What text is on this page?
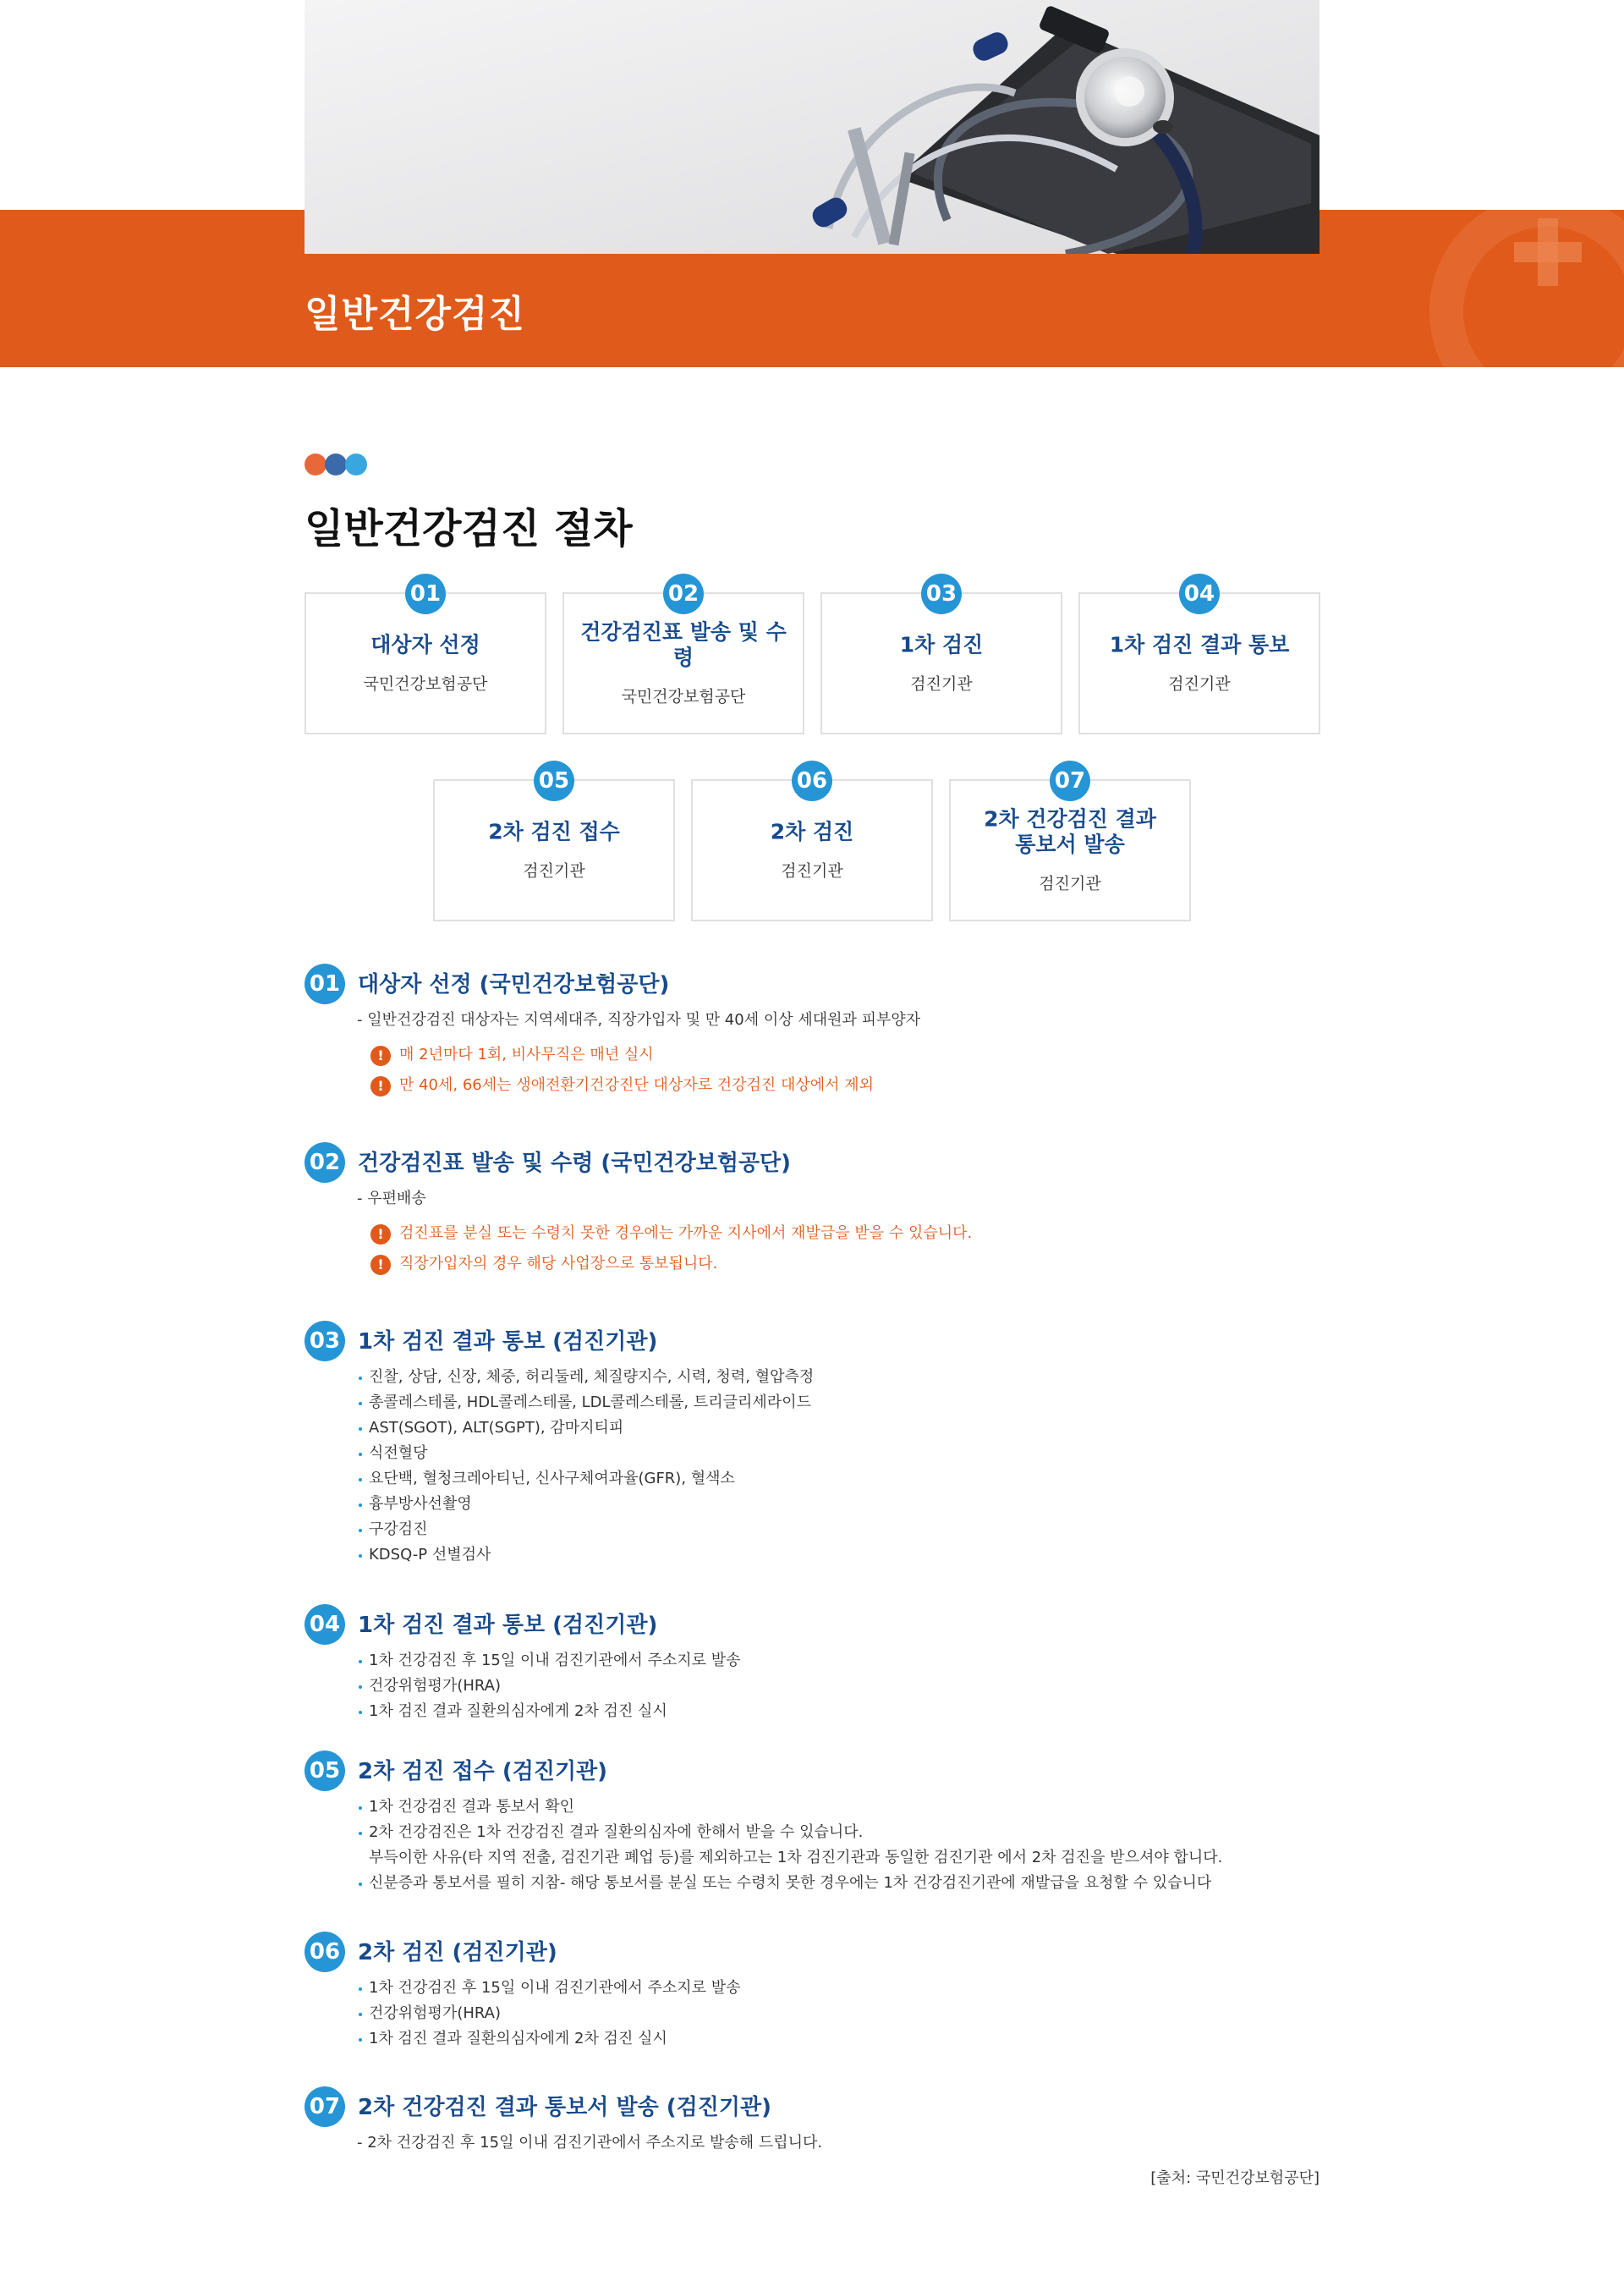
일반건강검진
일반건강검진 절차
01
대상자 선정
국민건강보험공단
02
건강검진표 발송 및 수령
국민건강보험공단
03
1차 검진
검진기관
04
1차 검진 결과 통보
검진기관
05
2차 검진 접수
검진기관
06
2차 검진
검진기관
07
2차 건강검진 결과
통보서 발송
검진기관
01 대상자 선정 (국민건강보험공단)
- 일반건강검진 대상자는 지역세대주, 직장가입자 및 만 40세 이상 세대원과 피부양자
!	매 2년마다 1회, 비사무직은 매년 실시
!	만 40세, 66세는 생애전환기건강진단 대상자로 건강검진 대상에서 제외
02 건강검진표 발송 및 수령 (국민건강보험공단)
- 우편배송
!	검진표를 분실 또는 수령치 못한 경우에는 가까운 지사에서 재발급을 받을 수 있습니다.
!	직장가입자의 경우 해당 사업장으로 통보됩니다.
03 1차 검진 결과 통보 (검진기관)
진찰, 상담, 신장, 체중, 허리둘레, 체질량지수, 시력, 청력, 혈압측정
총콜레스테롤, HDL콜레스테롤, LDL콜레스테롤, 트리글리세라이드
AST(SGOT), ALT(SGPT), 감마지티피
식전혈당
요단백, 혈청크레아티닌, 신사구체여과율(GFR), 혈색소
흉부방사선촬영
구강검진
KDSQ-P 선별검사
04 1차 검진 결과 통보 (검진기관)
1차 건강검진 후 15일 이내 검진기관에서 주소지로 발송
건강위험평가(HRA)
1차 검진 결과 질환의심자에게 2차 검진 실시
05 2차 검진 접수 (검진기관)
1차 건강검진 결과 통보서 확인
2차 건강검진은 1차 건강검진 결과 질환의심자에 한해서 받을 수 있습니다.
부득이한 사유(타 지역 전출, 검진기관 폐업 등)를 제외하고는 1차 검진기관과 동일한 검진기관 에서 2차 검진을 받으셔야 합니다.
신분증과 통보서를 필히 지참- 해당 통보서를 분실 또는 수령치 못한 경우에는 1차 건강검진기관에 재발급을 요청할 수 있습니다
06 2차 검진 (검진기관)
1차 건강검진 후 15일 이내 검진기관에서 주소지로 발송
건강위험평가(HRA)
1차 검진 결과 질환의심자에게 2차 검진 실시
07 2차 건강검진 결과 통보서 발송 (검진기관)
- 2차 건강검진 후 15일 이내 검진기관에서 주소지로 발송해 드립니다.
[출처: 국민건강보험공단]
